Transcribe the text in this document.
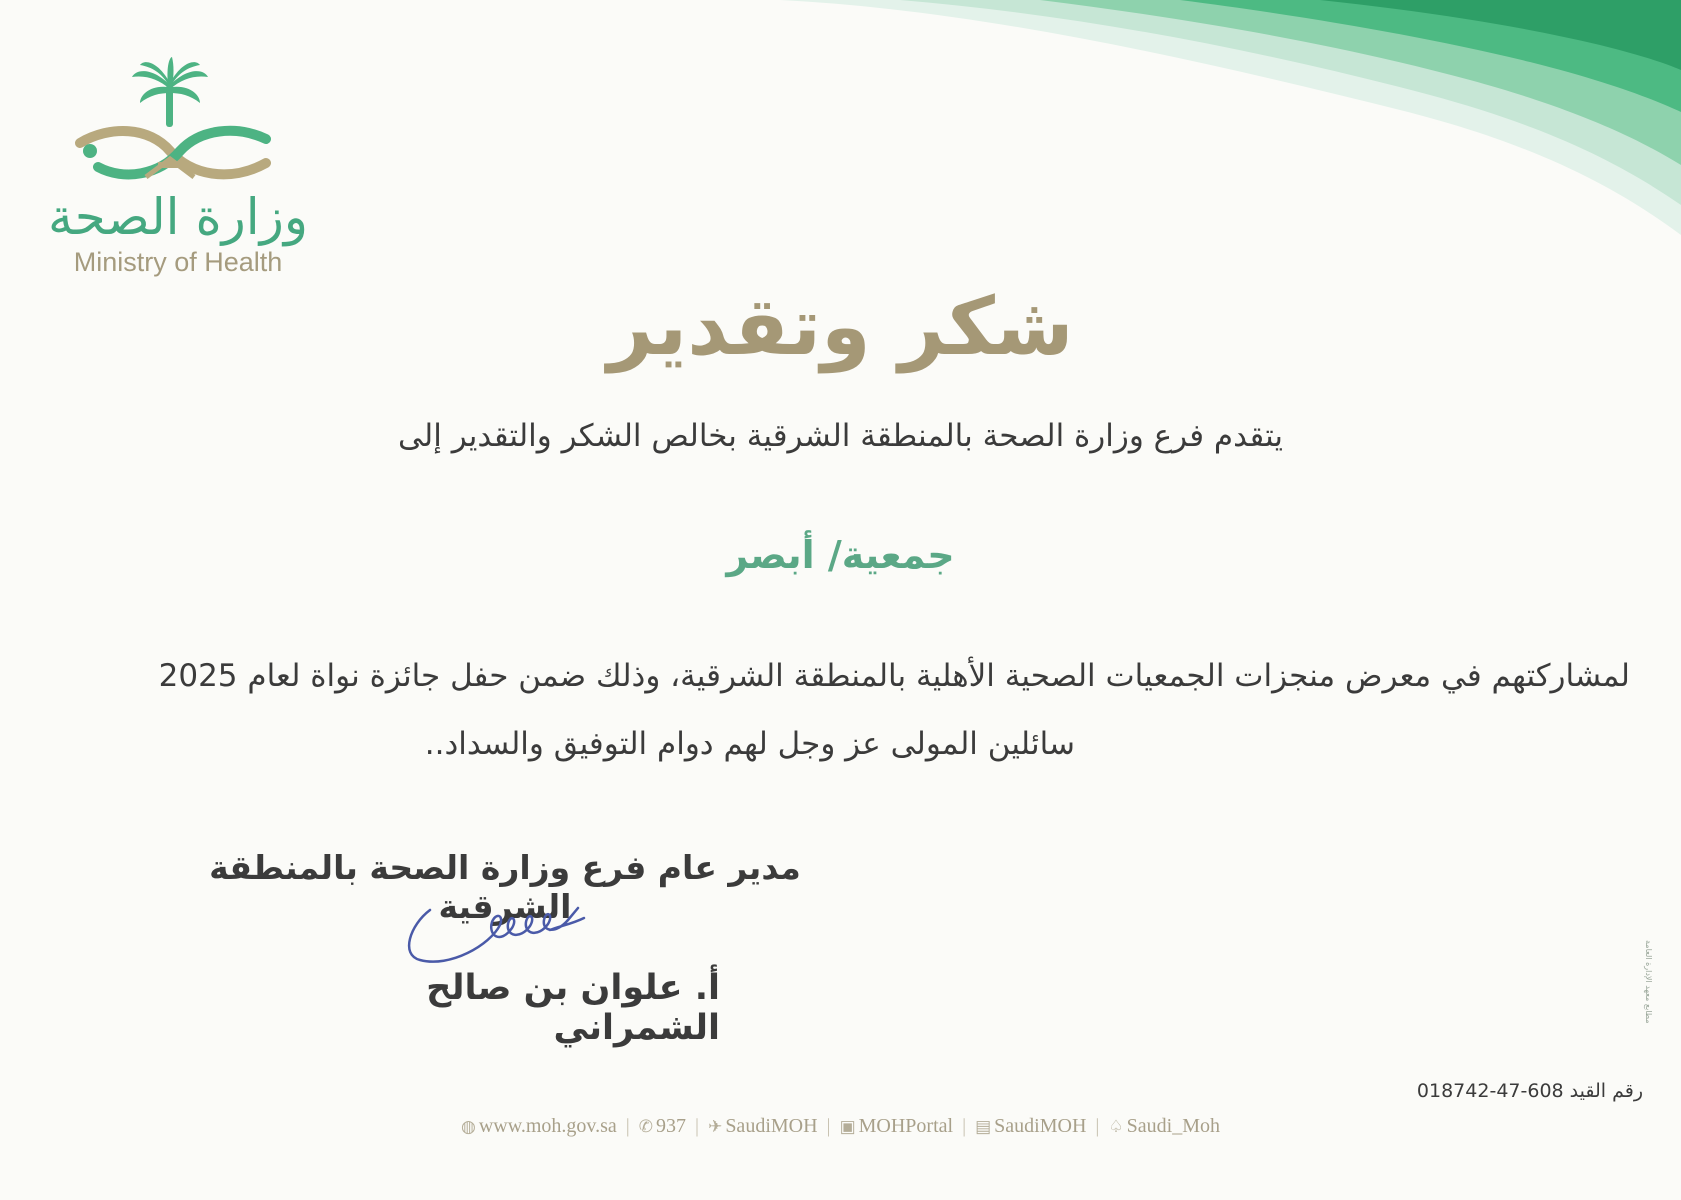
وزارة الصحة
Ministry of Health
شكر وتقدير
يتقدم فرع وزارة الصحة بالمنطقة الشرقية بخالص الشكر والتقدير إلى
جمعية/ أبصر
لمشاركتهم في معرض منجزات الجمعيات الصحية الأهلية بالمنطقة الشرقية، وذلك ضمن حفل جائزة نواة لعام 2025
سائلين المولى عز وجل لهم دوام التوفيق والسداد..
مدير عام فرع وزارة الصحة بالمنطقة الشرقية
أ. علوان بن صالح الشمراني
رقم القيد 608-47-018742
◍ www.moh.gov.sa | ✆ 937 | ✈ SaudiMOH | ▣ MOHPortal | ▤ SaudiMOH | ♤ Saudi_Moh
مطابع معهد الإدارة العامة
